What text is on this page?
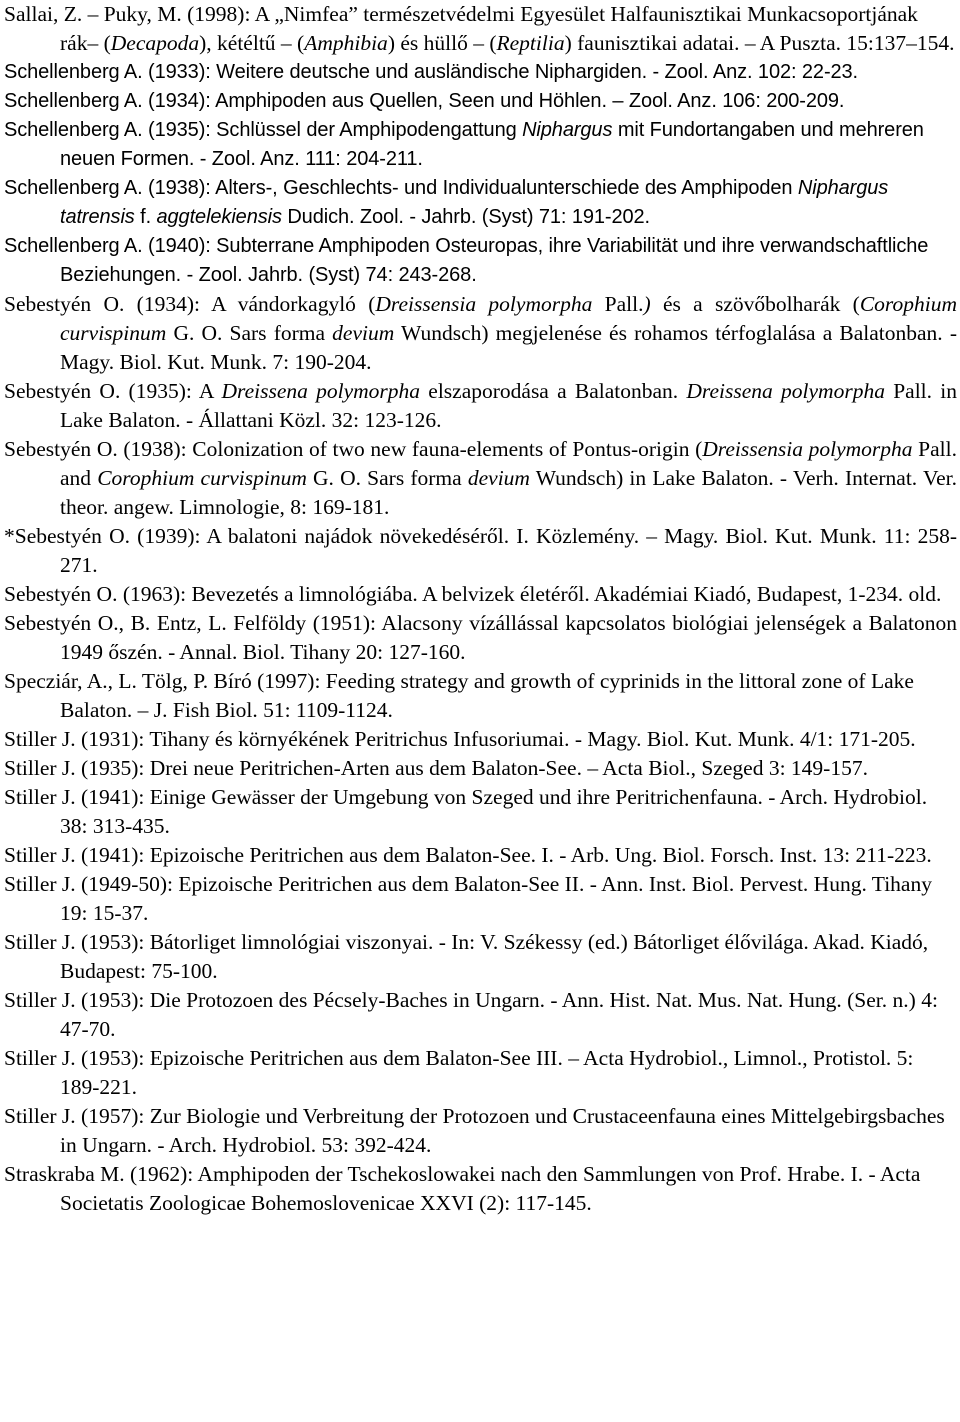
Sallai, Z. – Puky, M. (1998): A „Nimfea” természetvédelmi Egyesület Halfaunisztikai Munkacsoportjának rák– (Decapoda), kétéltű – (Amphibia) és hüllő – (Reptilia) faunisztikai adatai. – A Puszta. 15:137–154.

Schellenberg A. (1933): Weitere deutsche und ausländische Niphargiden. - Zool. Anz. 102: 22-23.

Schellenberg A. (1934): Amphipoden aus Quellen, Seen und Höhlen. – Zool. Anz. 106: 200-209.

Schellenberg A. (1935): Schlüssel der Amphipodengattung Niphargus mit Fundortangaben und mehreren neuen Formen. - Zool. Anz. 111: 204-211.

Schellenberg A. (1938): Alters-, Geschlechts- und Individualunterschiede des Amphipoden Niphargus tatrensis f. aggtelekiensis Dudich. Zool. - Jahrb. (Syst) 71: 191-202.

Schellenberg A. (1940): Subterrane Amphipoden Osteuropas, ihre Variabilität und ihre verwandschaftliche Beziehungen. - Zool. Jahrb. (Syst) 74: 243-268.

Sebestyén O. (1934): A vándorkagyló (Dreissensia polymorpha Pall.) és a szövőbolharák (Corophium curvispinum G. O. Sars forma devium Wundsch) megjelenése és rohamos térfoglalása a Balatonban. - Magy. Biol. Kut. Munk. 7: 190-204.

Sebestyén O. (1935): A Dreissena polymorpha elszaporodása a Balatonban. Dreissena polymorpha Pall. in Lake Balaton. - Állattani Közl. 32: 123-126.

Sebestyén O. (1938): Colonization of two new fauna-elements of Pontus-origin (Dreissensia polymorpha Pall. and Corophium curvispinum G. O. Sars forma devium Wundsch) in Lake Balaton. - Verh. Internat. Ver. theor. angew. Limnologie, 8: 169-181.

*Sebestyén O. (1939): A balatoni najádok növekedéséről. I. Közlemény. – Magy. Biol. Kut. Munk. 11: 258-271.

Sebestyén O. (1963): Bevezetés a limnológiába. A belvizek életéről. Akadémiai Kiadó, Budapest, 1-234. old.

Sebestyén O., B. Entz, L. Felföldy (1951): Alacsony vízállással kapcsolatos biológiai jelenségek a Balatonon 1949 őszén. - Annal. Biol. Tihany 20: 127-160.

Specziár, A., L. Tölg, P. Bíró (1997): Feeding strategy and growth of cyprinids in the littoral zone of Lake Balaton. – J. Fish Biol. 51: 1109-1124.

Stiller J. (1931): Tihany és környékének Peritrichus Infusoriumai. - Magy. Biol. Kut. Munk. 4/1: 171-205.

Stiller J. (1935): Drei neue Peritrichen-Arten aus dem Balaton-See. – Acta Biol., Szeged 3: 149-157.

Stiller J. (1941): Einige Gewässer der Umgebung von Szeged und ihre Peritrichenfauna. - Arch. Hydrobiol. 38: 313-435.

Stiller J. (1941): Epizoische Peritrichen aus dem Balaton-See. I. - Arb. Ung. Biol. Forsch. Inst. 13: 211-223.

Stiller J. (1949-50): Epizoische Peritrichen aus dem Balaton-See II. - Ann. Inst. Biol. Pervest. Hung. Tihany 19: 15-37.

Stiller J. (1953): Bátorliget limnológiai viszonyai. - In: V. Székessy (ed.) Bátorliget élővilága. Akad. Kiadó, Budapest: 75-100.

Stiller J. (1953): Die Protozoen des Pécsely-Baches in Ungarn. - Ann. Hist. Nat. Mus. Nat. Hung. (Ser. n.) 4: 47-70.

Stiller J. (1953): Epizoische Peritrichen aus dem Balaton-See III. – Acta Hydrobiol., Limnol., Protistol. 5: 189-221.

Stiller J. (1957): Zur Biologie und Verbreitung der Protozoen und Crustaceenfauna eines Mittelgebirgsbaches in Ungarn. - Arch. Hydrobiol. 53: 392-424.

Straskraba M. (1962): Amphipoden der Tschekoslowakei nach den Sammlungen von Prof. Hrabe. I. - Acta Societatis Zoologicae Bohemoslovenicae XXVI (2): 117-145.
